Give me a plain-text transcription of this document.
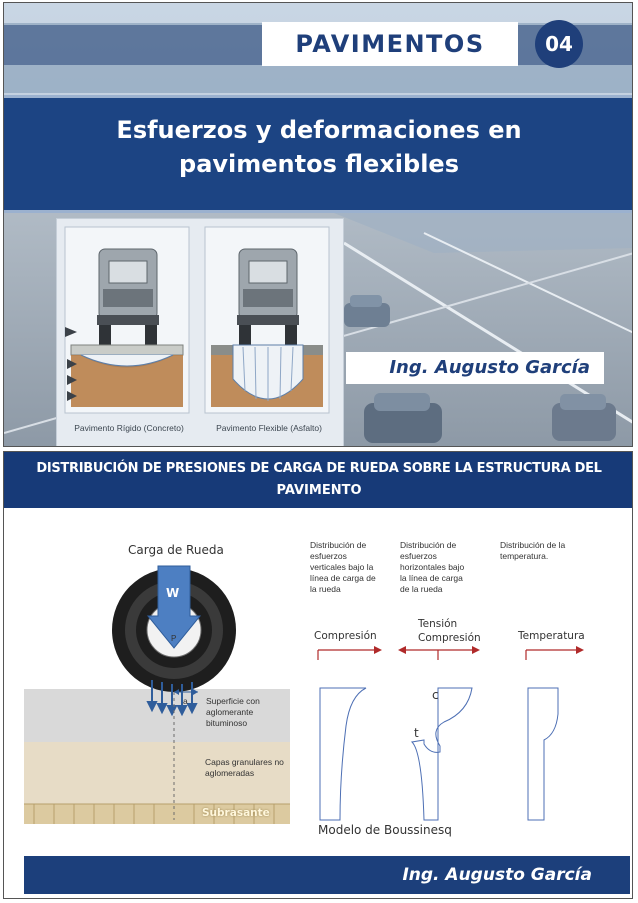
PAVIMENTOS	04
Esfuerzos y deformaciones en
pavimentos flexibles
Pavimento Rígido (Concreto)	Pavimento Flexible (Asfalto)
Ing. Augusto García
DISTRIBUCIÓN DE PRESIONES DE CARGA DE RUEDA SOBRE LA ESTRUCTURA DEL
PAVIMENTO
Carga de Rueda
W
P
a Superficie con aglomerante bituminoso
Capas granulares no aglomeradas
Subrasante
Distribución de esfuerzos verticales bajo la línea de carga de la rueda
Distribución de esfuerzos horizontales bajo la línea de carga de la rueda
Distribución de la temperatura.
Compresión
Tensión
Compresión	Temperatura
c
t
Modelo de Boussinesq
Ing. Augusto García
